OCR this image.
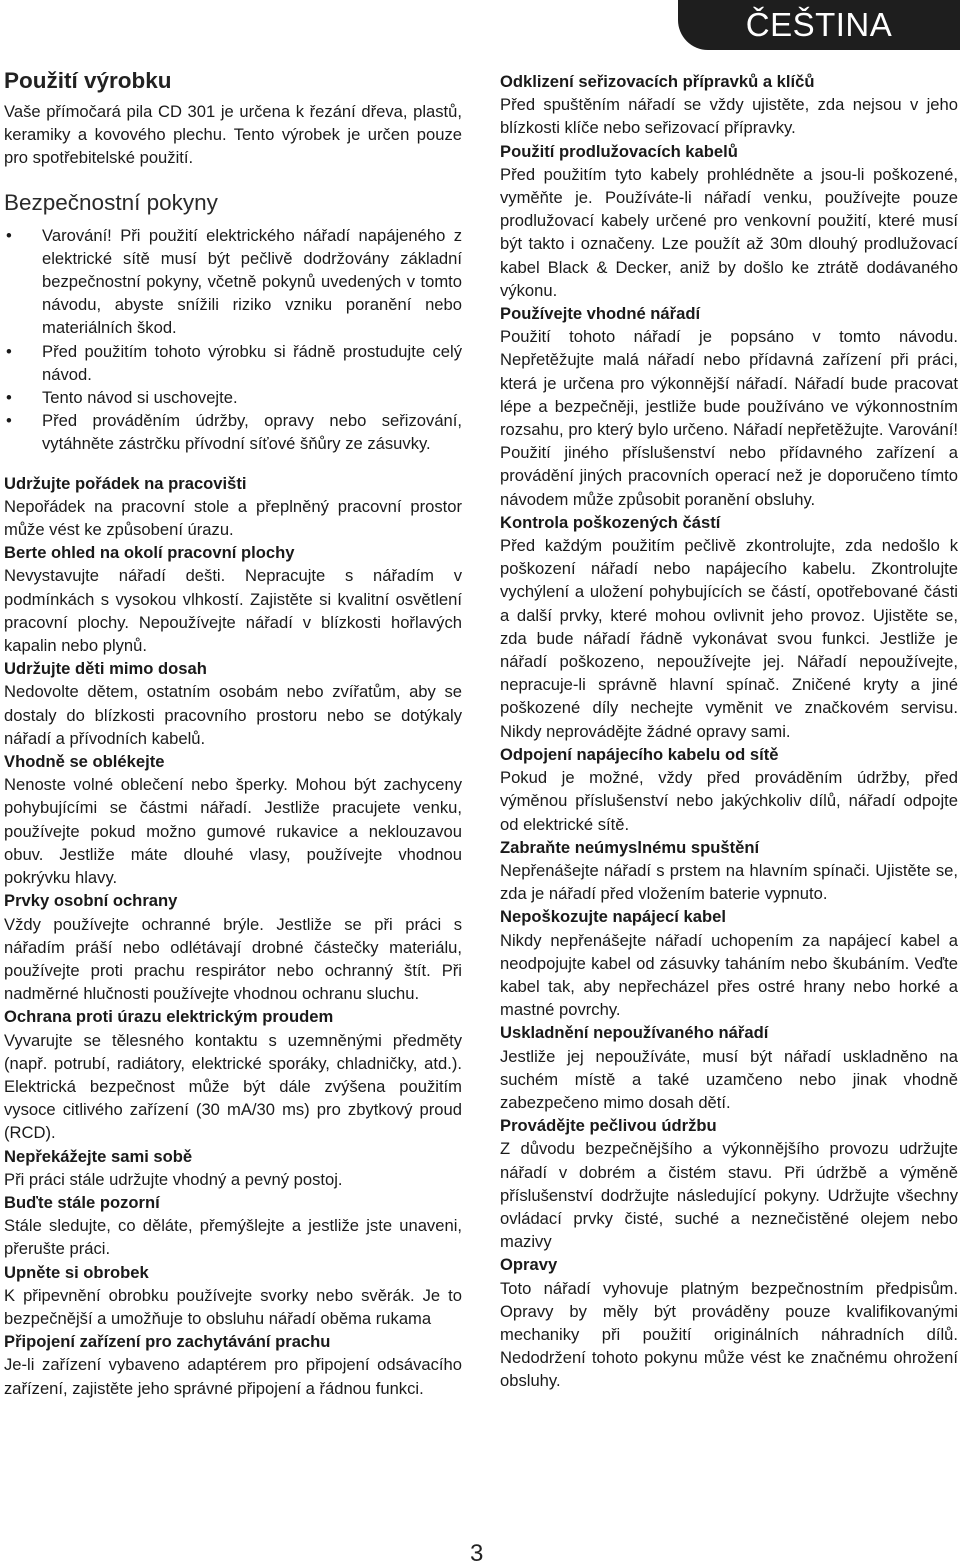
ČEŠTINA
Použití výrobku

Vaše přímočará pila CD 301 je určena k řezání dřeva, plastů, keramiky a kovového plechu. Tento výrobek je určen pouze pro spotřebitelské použití.

Bezpečnostní pokyny
• Varování! Při použití elektrického nářadí napájeného z elektrické sítě musí být pečlivě dodržovány základní bezpečnostní pokyny, včetně pokynů uvedených v tomto návodu, abyste snížili riziko vzniku poranění nebo materiálních škod.
• Před použitím tohoto výrobku si řádně prostudujte celý návod.
• Tento návod si uschovejte.
• Před prováděním údržby, opravy nebo seřizování, vytáhněte zástrčku přívodní síťové šňůry ze zásuvky.
Udržujte pořádek na pracovišti

Nepořádek na pracovní stole a přeplněný pracovní prostor může vést ke způsobení úrazu.

Berte ohled na okolí pracovní plochy

Nevystavujte nářadí dešti. Nepracujte s nářadím v podmínkách s vysokou vlhkostí. Zajistěte si kvalitní osvětlení pracovní plochy. Nepoužívejte nářadí v blízkosti hořlavých kapalin nebo plynů.

Udržujte děti mimo dosah

Nedovolte dětem, ostatním osobám nebo zvířatům, aby se dostaly do blízkosti pracovního prostoru nebo se dotýkaly nářadí a přívodních kabelů.

Vhodně se oblékejte

Nenoste volné oblečení nebo šperky. Mohou být zachyceny pohybujícími se částmi nářadí. Jestliže pracujete venku, používejte pokud možno gumové rukavice a neklouzavou obuv. Jestliže máte dlouhé vlasy, používejte vhodnou pokrývku hlavy.

Prvky osobní ochrany

Vždy používejte ochranné brýle. Jestliže se při práci s nářadím práší nebo odlétávají drobné částečky materiálu, používejte proti prachu respirátor nebo ochranný štít. Při nadměrné hlučnosti používejte vhodnou ochranu sluchu.

Ochrana proti úrazu elektrickým proudem

Vyvarujte se tělesného kontaktu s uzemněnými předměty (např. potrubí, radiátory, elektrické sporáky, chladničky, atd.). Elektrická bezpečnost může být dále zvýšena použitím vysoce citlivého zařízení (30 mA/30 ms) pro zbytkový proud (RCD).

Nepřekážejte sami sobě

Při práci stále udržujte vhodný a pevný postoj.

Buďte stále pozorní

Stále sledujte, co děláte, přemýšlejte a jestliže jste unaveni, přerušte práci.

Upněte si obrobek

K připevnění obrobku používejte svorky nebo svěrák. Je to bezpečnější a umožňuje to obsluhu nářadí oběma rukama

Připojení zařízení pro zachytávání prachu

Je-li zařízení vybaveno adaptérem pro připojení odsávacího zařízení, zajistěte jeho správné připojení a řádnou funkci.

Odklizení seřizovacích přípravků a klíčů

Před spuštěním nářadí se vždy ujistěte, zda nejsou v jeho blízkosti klíče nebo seřizovací přípravky.

Použití prodlužovacích kabelů

Před použitím tyto kabely prohlédněte a jsou-li poškozené, vyměňte je. Používáte-li nářadí venku, používejte pouze prodlužovací kabely určené pro venkovní použití, které musí být takto i označeny. Lze použít až 30m dlouhý prodlužovací kabel Black & Decker, aniž by došlo ke ztrátě dodávaného výkonu.

Používejte vhodné nářadí

Použití tohoto nářadí je popsáno v tomto návodu. Nepřetěžujte malá nářadí nebo přídavná zařízení při práci, která je určena pro výkonnější nářadí. Nářadí bude pracovat lépe a bezpečněji, jestliže bude používáno ve výkonnostním rozsahu, pro který bylo určeno. Nářadí nepřetěžujte. Varování! Použití jiného příslušenství nebo přídavného zařízení a provádění jiných pracovních operací než je doporučeno tímto návodem může způsobit poranění obsluhy.

Kontrola poškozených částí

Před každým použitím pečlivě zkontrolujte, zda nedošlo k poškození nářadí nebo napájecího kabelu. Zkontrolujte vychýlení a uložení pohybujících se částí, opotřebované části a další prvky, které mohou ovlivnit jeho provoz. Ujistěte se, zda bude nářadí řádně vykonávat svou funkci. Jestliže je nářadí poškozeno, nepoužívejte jej. Nářadí nepoužívejte, nepracuje-li správně hlavní spínač. Zničené kryty a jiné poškozené díly nechejte vyměnit ve značkovém servisu. Nikdy neprovádějte žádné opravy sami.

Odpojení napájecího kabelu od sítě

Pokud je možné, vždy před prováděním údržby, před výměnou příslušenství nebo jakýchkoliv dílů, nářadí odpojte od elektrické sítě.

Zabraňte neúmyslnému spuštění

Nepřenášejte nářadí s prstem na hlavním spínači. Ujistěte se, zda je nářadí před vložením baterie vypnuto.

Nepoškozujte napájecí kabel

Nikdy nepřenášejte nářadí uchopením za napájecí kabel a neodpojujte kabel od zásuvky taháním nebo škubáním. Veďte kabel tak, aby nepřecházel přes ostré hrany nebo horké a mastné povrchy.

Uskladnění nepoužívaného nářadí

Jestliže jej nepoužíváte, musí být nářadí uskladněno na suchém místě a také uzamčeno nebo jinak vhodně zabezpečeno mimo dosah dětí.

Provádějte pečlivou údržbu

Z důvodu bezpečnějšího a výkonnějšího provozu udržujte nářadí v dobrém a čistém stavu. Při údržbě a výměně příslušenství dodržujte následující pokyny. Udržujte všechny ovládací prvky čisté, suché a neznečistěné olejem nebo mazivy

Opravy

Toto nářadí vyhovuje platným bezpečnostním předpisům. Opravy by měly být prováděny pouze kvalifikovanými mechaniky při použití originálních náhradních dílů. Nedodržení tohoto pokynu může vést ke značnému ohrožení obsluhy.

3
